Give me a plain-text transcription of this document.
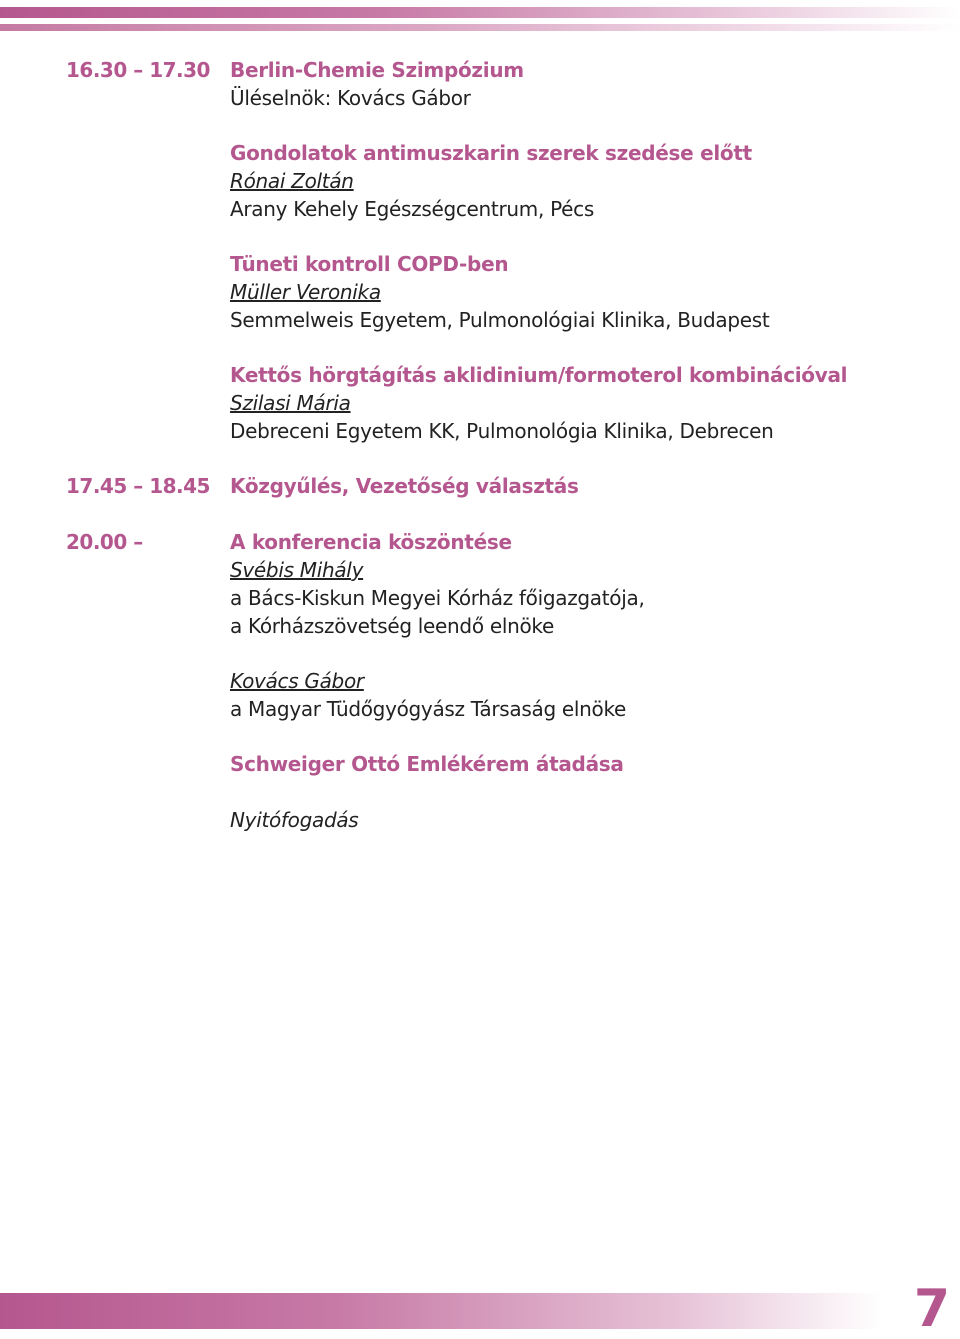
16.30 – 17.30 Berlin-Chemie Szimpózium
Üléselnök: Kovács Gábor
Gondolatok antimuszkarin szerek szedése előtt
Rónai Zoltán
Arany Kehely Egészségcentrum, Pécs
Tüneti kontroll COPD-ben
Müller Veronika
Semmelweis Egyetem, Pulmonológiai Klinika, Budapest
Kettős hörgtágítás aklidinium/formoterol kombinációval
Szilasi Mária
Debreceni Egyetem KK, Pulmonológia Klinika, Debrecen
17.45 – 18.45 Közgyűlés, Vezetőség választás
20.00 –	A konferencia köszöntése
Svébis Mihály
a Bács-Kiskun Megyei Kórház főigazgatója,
a Kórházszövetség leendő elnöke
Kovács Gábor
a Magyar Tüdőgyógyász Társaság elnöke
Schweiger Ottó Emlékérem átadása
Nyitófogadás
7
